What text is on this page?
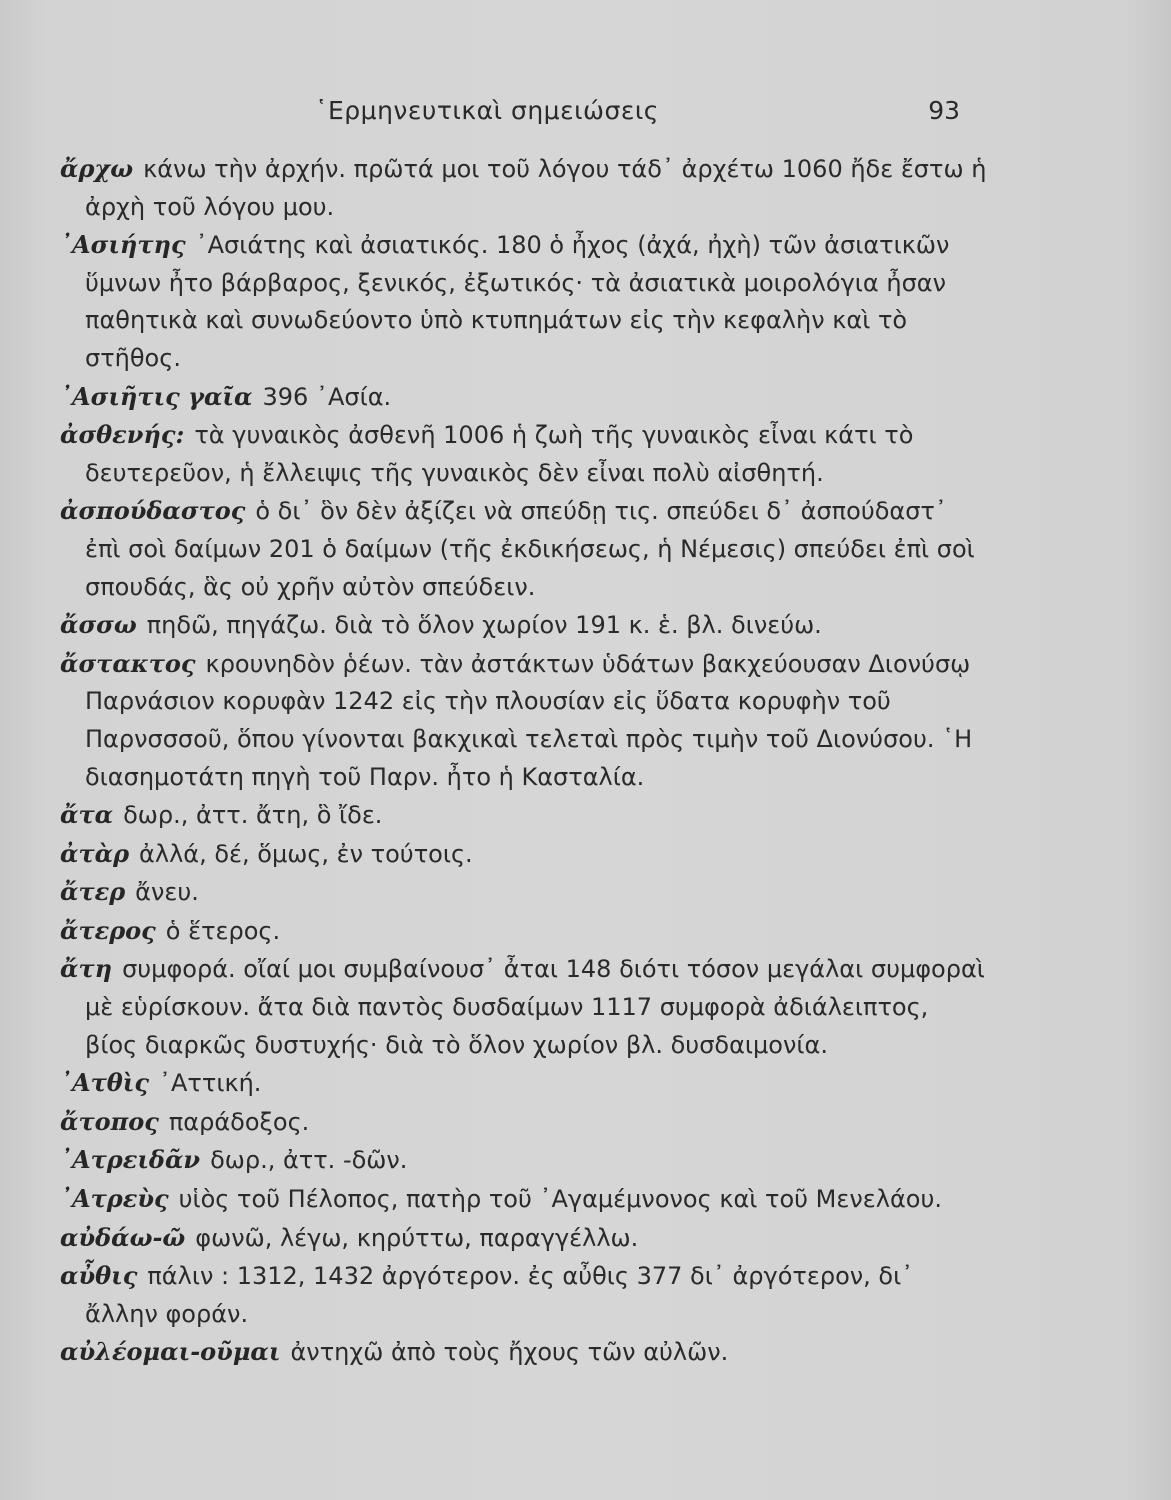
῾Ερμηνευτικαὶ σημειώσεις	93

ἄρχω κάνω τὴν ἀρχήν. πρῶτά μοι τοῦ λόγου τάδ᾿ ἀρχέτω 1060 ἤδε ἔστω ἡ ἀρχὴ τοῦ λόγου μου.

᾿Ασιήτης ᾿Ασιάτης καὶ ἀσιατικός. 180 ὁ ἦχος (ἀχά, ἠχὴ) τῶν ἀσιατικῶν ὕμνων ἦτο βάρβαρος, ξενικός, ἐξωτικός· τὰ ἀσιατικὰ μοιρολόγια ἦσαν παθητικὰ καὶ συνωδεύοντο ὑπὸ κτυπημάτων εἰς τὴν κεφαλὴν καὶ τὸ στῆθος.

᾿Ασιῆτις γαῖα 396 ᾿Ασία.

ἀσθενής: τὰ γυναικὸς ἀσθενῆ 1006 ἡ ζωὴ τῆς γυναικὸς εἶναι κάτι τὸ δευτερεῦον, ἡ ἔλλειψις τῆς γυναικὸς δὲν εἶναι πολὺ αἰσθητή.

ἀσπούδαστος ὁ δι᾿ ὃν δὲν ἀξίζει νὰ σπεύδῃ τις. σπεύδει δ᾿ ἀσπούδαστ᾿ ἐπὶ σοὶ δαίμων 201 ὁ δαίμων (τῆς ἐκδικήσεως, ἡ Νέμεσις) σπεύδει ἐπὶ σοὶ σπουδάς, ἃς οὐ χρῆν αὐτὸν σπεύδειν.

ἄσσω πηδῶ, πηγάζω. διὰ τὸ ὅλον χωρίον 191 κ. ἑ. βλ. δινεύω.

ἄστακτος κρουνηδὸν ῥέων. τὰν ἀστάκτων ὑδάτων βακχεύουσαν Διονύσῳ Παρνάσιον κορυφὰν 1242 εἰς τὴν πλουσίαν εἰς ὕδατα κορυφὴν τοῦ Παρνσσσοῦ, ὅπου γίνονται βακχικαὶ τελεταὶ πρὸς τιμὴν τοῦ Διονύσου. ῾Η διασημοτάτη πηγὴ τοῦ Παρν. ἦτο ἡ Κασταλία.

ἄτα δωρ., ἀττ. ἄτη, ὃ ἴδε.

ἀτὰρ ἀλλά, δέ, ὅμως, ἐν τούτοις.

ἄτερ ἄνευ.

ἄτερος ὁ ἕτερος.

ἄτη συμφορά. οἴαί μοι συμβαίνουσ᾿ ἆται 148 διότι τόσον μεγάλαι συμφοραὶ μὲ εὑρίσκουν. ἄτα διὰ παντὸς δυσδαίμων 1117 συμφορὰ ἀδιάλειπτος, βίος διαρκῶς δυστυχής· διὰ τὸ ὅλον χωρίον βλ. δυσδαιμονία.

᾿Ατθὶς ᾿Αττική.

ἄτοπος παράδοξος.

᾿Ατρειδᾶν δωρ., ἀττ. -δῶν.

᾿Ατρεὺς υἱὸς τοῦ Πέλοπος, πατὴρ τοῦ ᾿Αγαμέμνονος καὶ τοῦ Μενελάου.

αὐδάω-ῶ φωνῶ, λέγω, κηρύττω, παραγγέλλω.

αὖθις πάλιν : 1312, 1432 ἀργότερον. ἐς αὖθις 377 δι᾿ ἀργότερον, δι᾿ ἄλλην φοράν.

αὐλέομαι-οῦμαι ἀντηχῶ ἀπὸ τοὺς ἤχους τῶν αὐλῶν.
